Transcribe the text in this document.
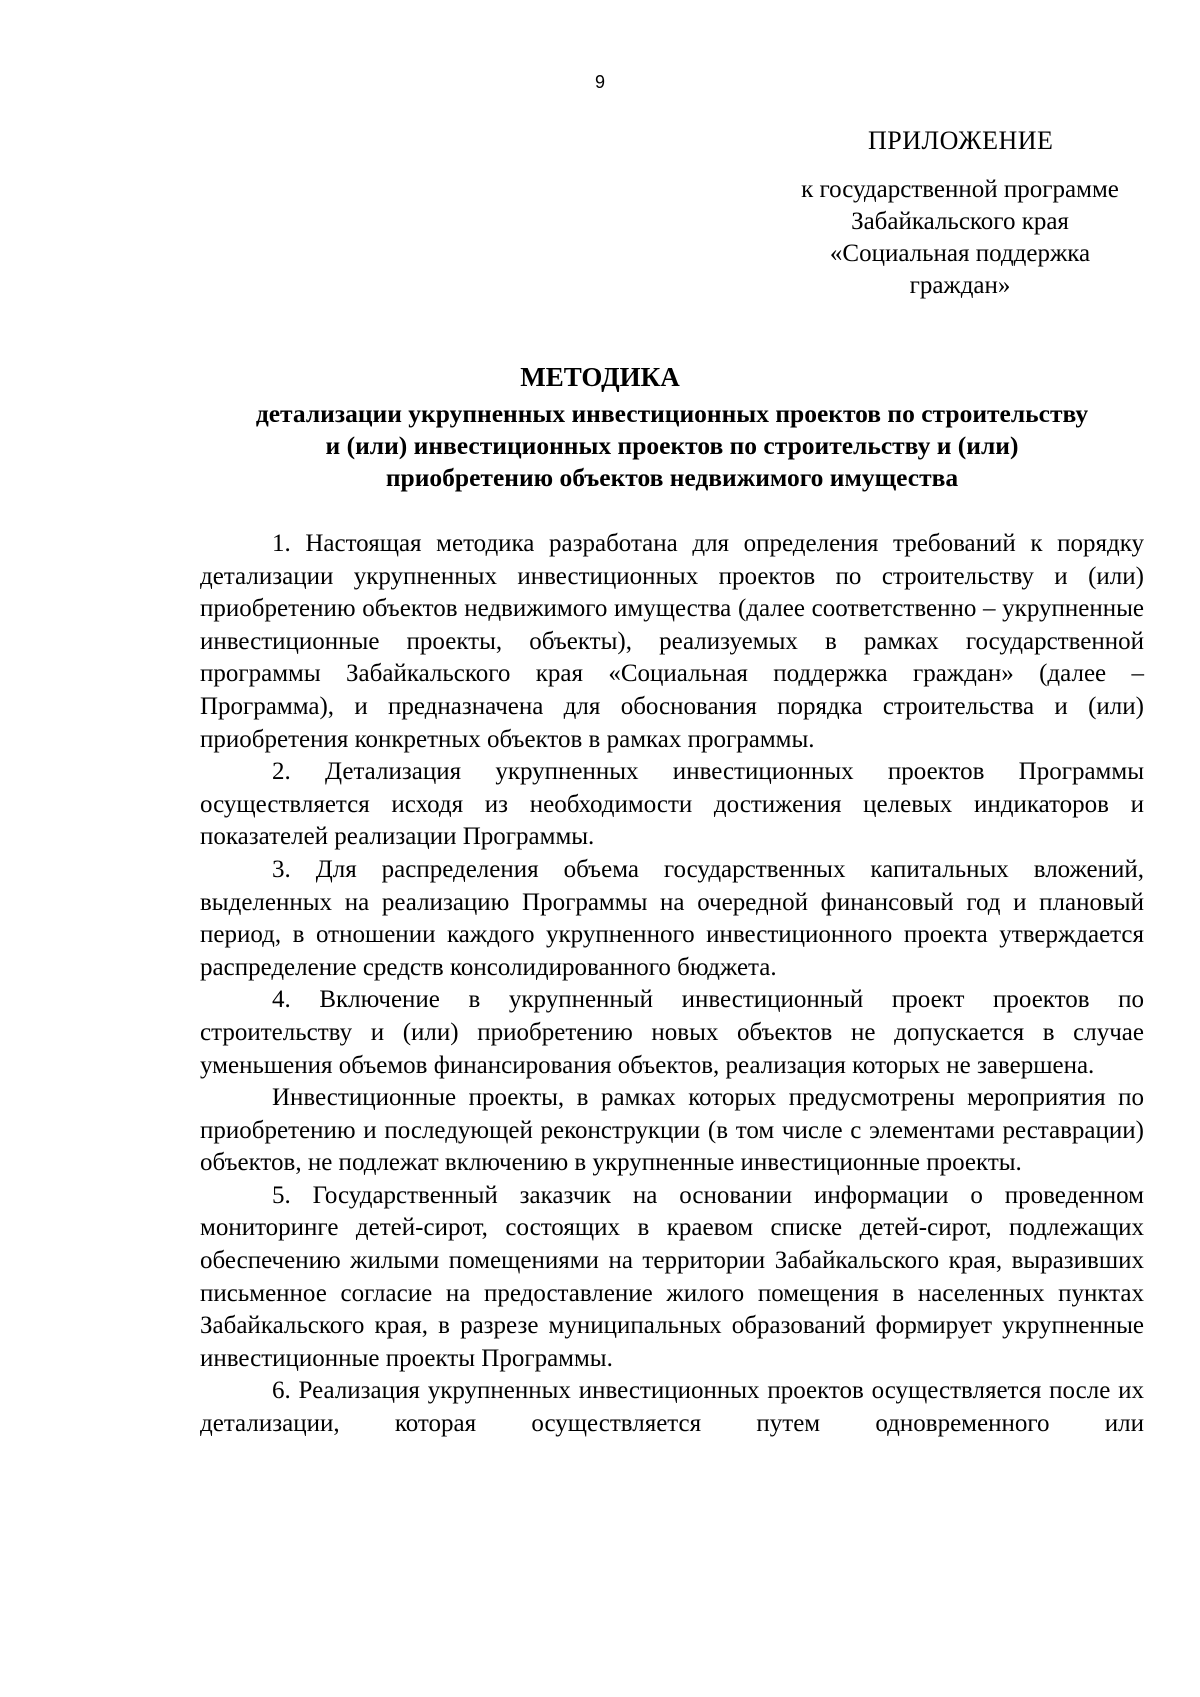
9
ПРИЛОЖЕНИЕ
к государственной программе
Забайкальского края
«Социальная поддержка
граждан»
МЕТОДИКА
детализации укрупненных инвестиционных проектов по строительству
и (или) инвестиционных проектов по строительству и (или)
приобретению объектов недвижимого имущества

1. Настоящая методика разработана для определения требований к порядку детализации укрупненных инвестиционных проектов по строительству и (или) приобретению объектов недвижимого имущества (далее соответственно – укрупненные инвестиционные проекты, объекты), реализуемых в рамках государственной программы Забайкальского края «Социальная поддержка граждан» (далее – Программа), и предназначена для обоснования порядка строительства и (или) приобретения конкретных объектов в рамках программы.

2. Детализация укрупненных инвестиционных проектов Программы осуществляется исходя из необходимости достижения целевых индикаторов и показателей реализации Программы.

3. Для распределения объема государственных капитальных вложений, выделенных на реализацию Программы на очередной финансовый год и плановый период, в отношении каждого укрупненного инвестиционного проекта утверждается распределение средств консолидированного бюджета.

4. Включение в укрупненный инвестиционный проект проектов по строительству и (или) приобретению новых объектов не допускается в случае уменьшения объемов финансирования объектов, реализация которых не завершена.

Инвестиционные проекты, в рамках которых предусмотрены мероприятия по приобретению и последующей реконструкции (в том числе с элементами реставрации) объектов, не подлежат включению в укрупненные инвестиционные проекты.

5. Государственный заказчик на основании информации о проведенном мониторинге детей-сирот, состоящих в краевом списке детей-сирот, подлежащих обеспечению жилыми помещениями на территории Забайкальского края, выразивших письменное согласие на предоставление жилого помещения в населенных пунктах Забайкальского края, в разрезе муниципальных образований формирует укрупненные инвестиционные проекты Программы.

6. Реализация укрупненных инвестиционных проектов осуществляется после их детализации, которая осуществляется путем одновременного или
